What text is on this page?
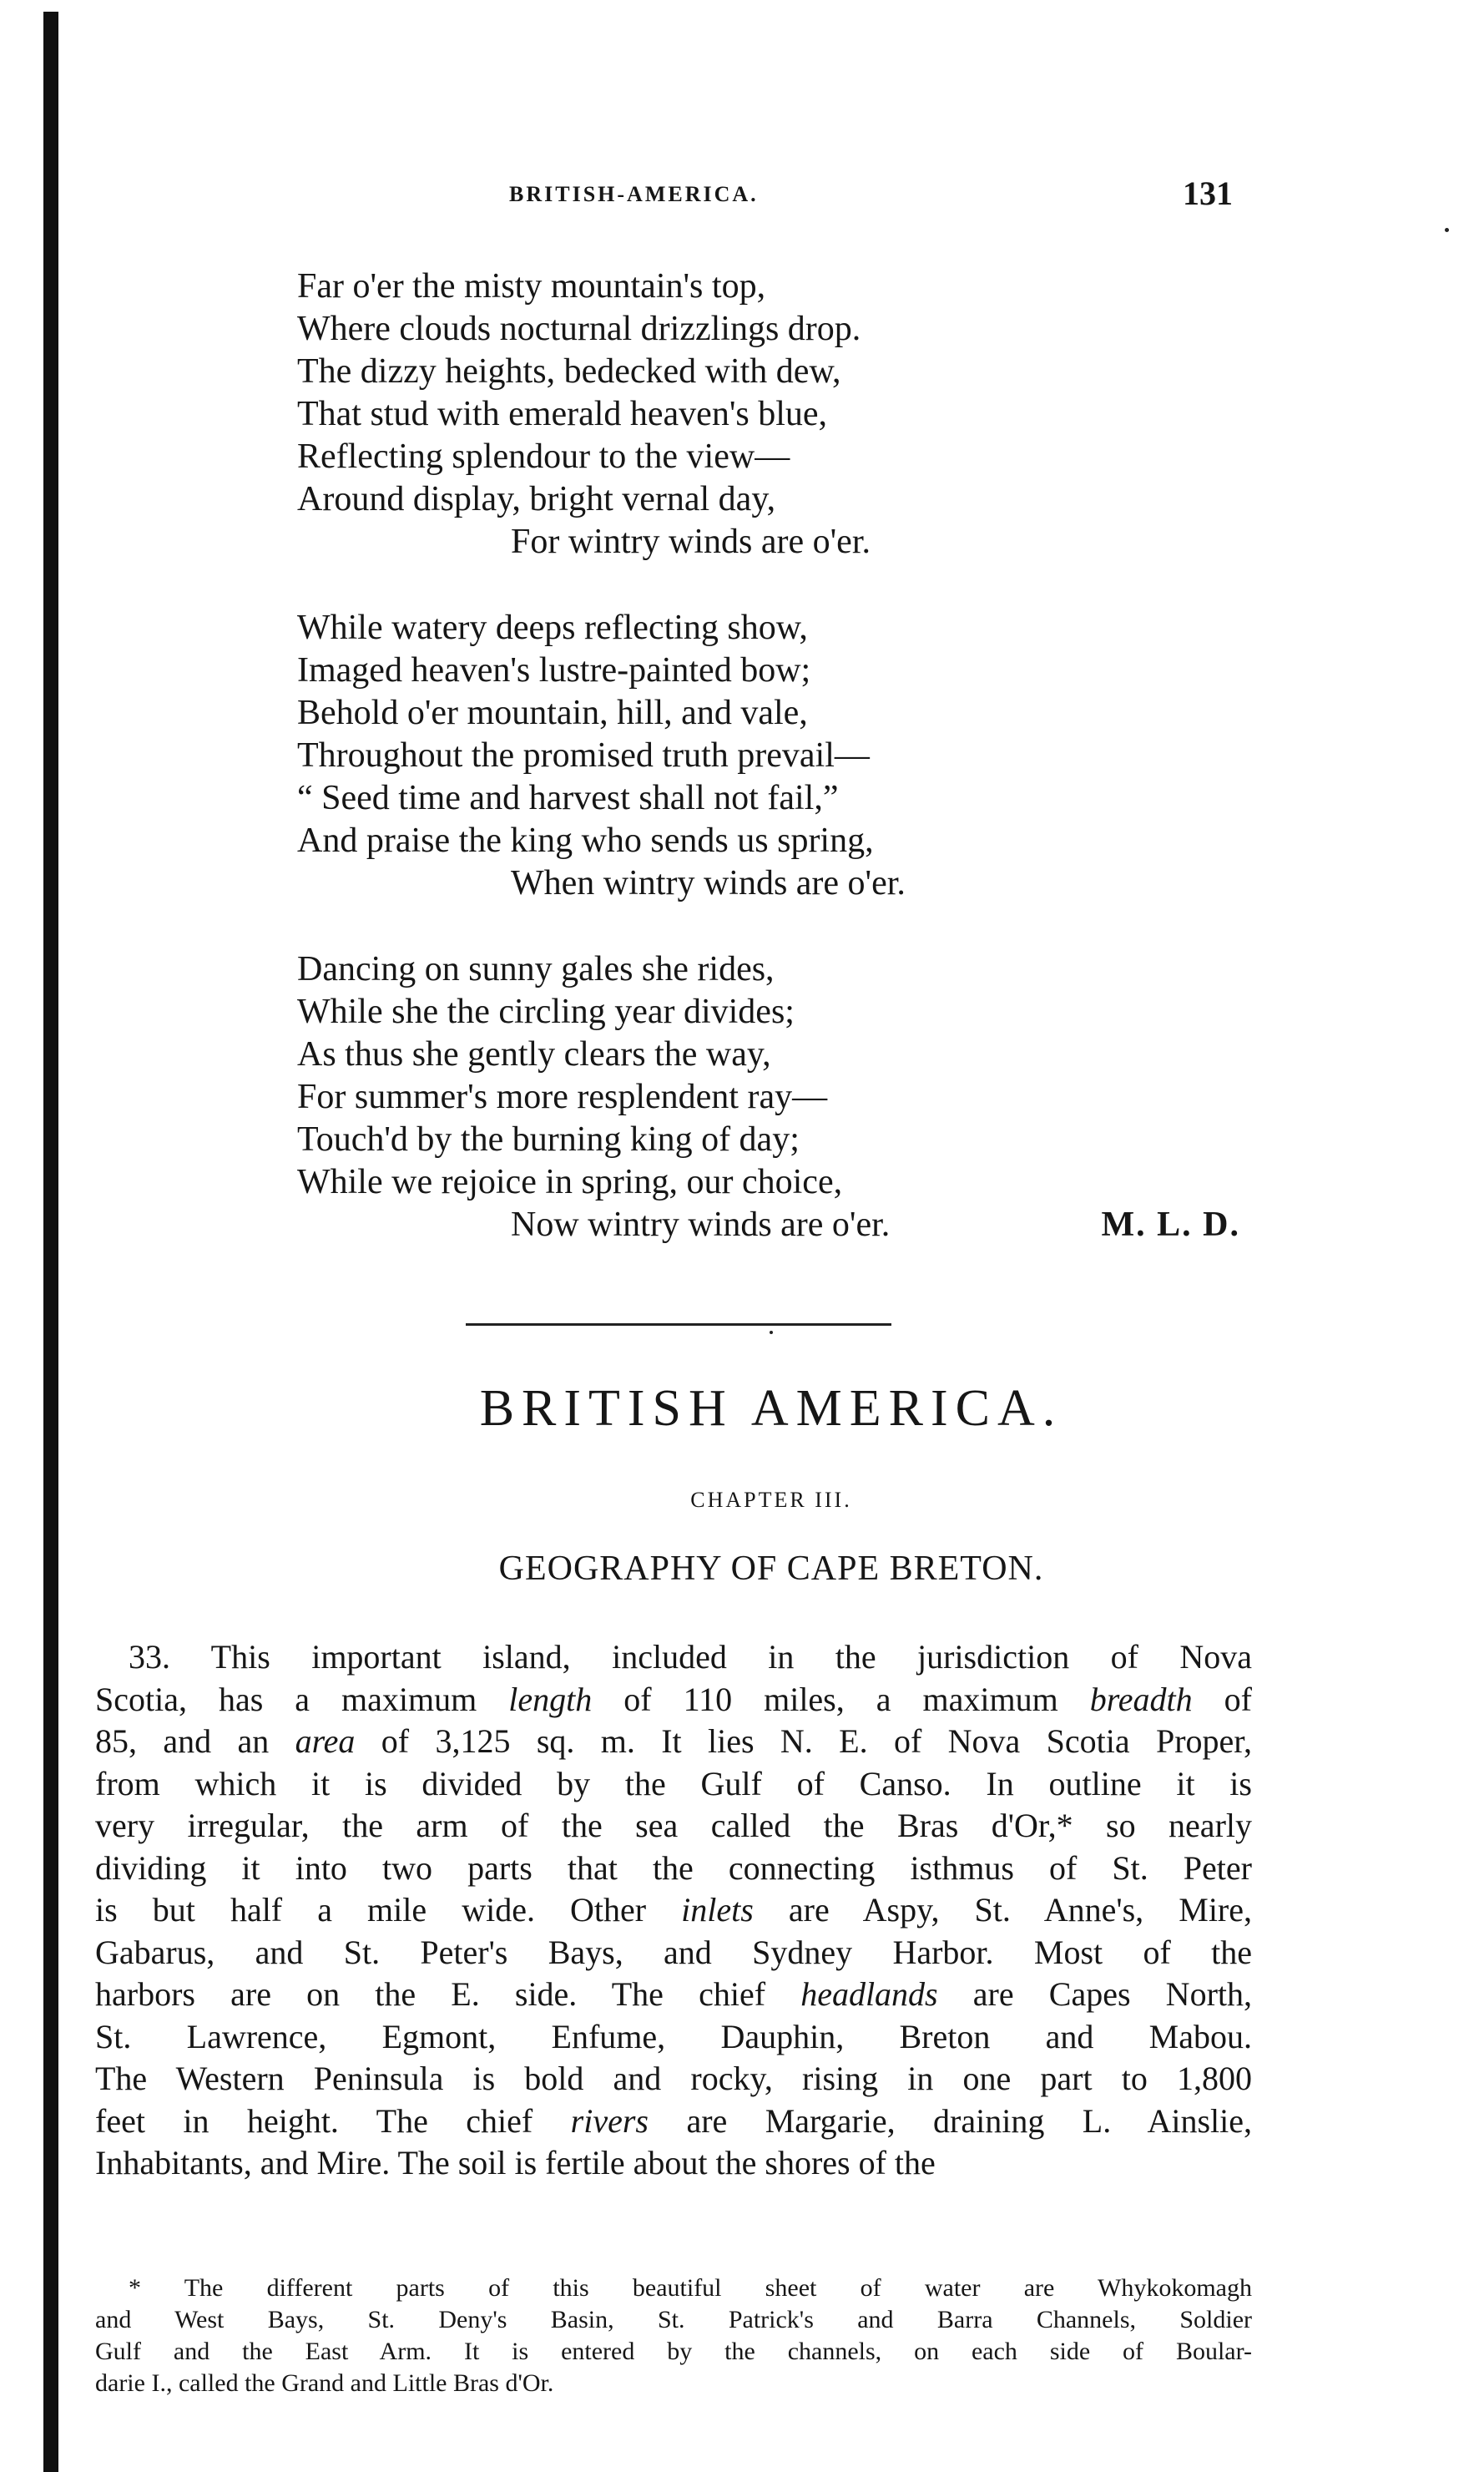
BRITISH-AMERICA.	131
Far o'er the misty mountain's top,
Where clouds nocturnal drizzlings drop.
The dizzy heights, bedecked with dew,
That stud with emerald heaven's blue,
Reflecting splendour to the view—
Around display, bright vernal day,
For wintry winds are o'er.
While watery deeps reflecting show,
Imaged heaven's lustre-painted bow;
Behold o'er mountain, hill, and vale,
Throughout the promised truth prevail—
“ Seed time and harvest shall not fail,”
And praise the king who sends us spring,
When wintry winds are o'er.
Dancing on sunny gales she rides,
While she the circling year divides;
As thus she gently clears the way,
For summer's more resplendent ray—
Touch'd by the burning king of day;
While we rejoice in spring, our choice,
Now wintry winds are o'er.	M. L. D.
BRITISH AMERICA.
CHAPTER III.
GEOGRAPHY OF CAPE BRETON.
33. This important island, included in the jurisdiction of Nova
Scotia, has a maximum length of 110 miles, a maximum breadth of
85, and an area of 3,125 sq. m. It lies N. E. of Nova Scotia Proper,
from which it is divided by the Gulf of Canso. In outline it is
very irregular, the arm of the sea called the Bras d'Or,* so nearly
dividing it into two parts that the connecting isthmus of St. Peter
is but half a mile wide. Other inlets are Aspy, St. Anne's, Mire,
Gabarus, and St. Peter's Bays, and Sydney Harbor. Most of the
harbors are on the E. side. The chief headlands are Capes North,
St. Lawrence, Egmont, Enfume, Dauphin, Breton and Mabou.
The Western Peninsula is bold and rocky, rising in one part to 1,800
feet in height. The chief rivers are Margarie, draining L. Ainslie,
Inhabitants, and Mire. The soil is fertile about the shores of the
* The different parts of this beautiful sheet of water are Whykokomagh
and West Bays, St. Deny's Basin, St. Patrick's and Barra Channels, Soldier
Gulf and the East Arm. It is entered by the channels, on each side of Boular-
darie I., called the Grand and Little Bras d'Or.
